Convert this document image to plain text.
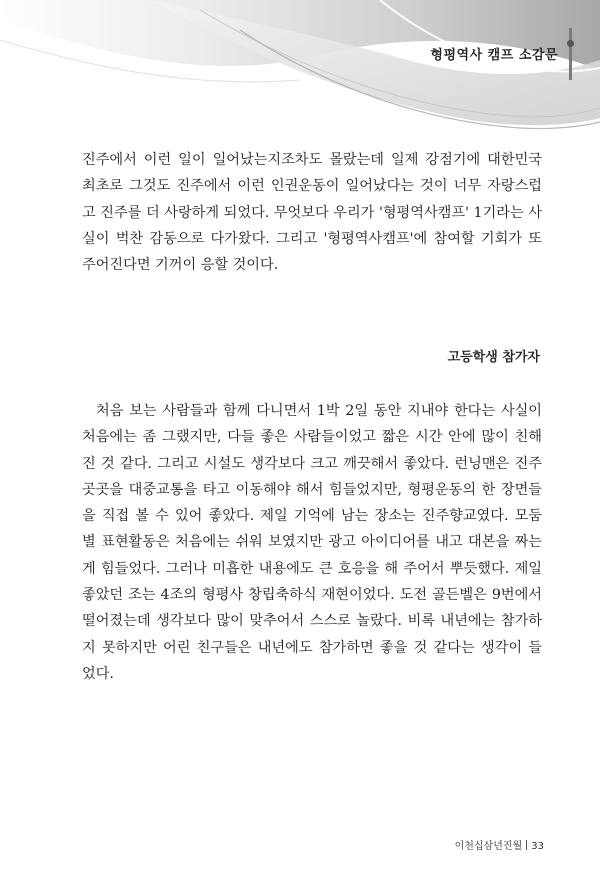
형평역사 캠프 소감문
진주에서 이런 일이 일어났는지조차도 몰랐는데 일제 강점기에 대한민국
최초로 그것도 진주에서 이런 인권운동이 일어났다는 것이 너무 자랑스럽
고 진주를 더 사랑하게 되었다. 무엇보다 우리가 '형평역사캠프' 1기라는 사
실이 벅찬 감동으로 다가왔다. 그리고 '형평역사캠프'에 참여할 기회가 또
주어진다면 기꺼이 응할 것이다.
고등학생 참가자
처음 보는 사람들과 함께 다니면서 1박 2일 동안 지내야 한다는 사실이
처음에는 좀 그랬지만, 다들 좋은 사람들이었고 짧은 시간 안에 많이 친해
진 것 같다. 그리고 시설도 생각보다 크고 깨끗해서 좋았다. 런닝맨은 진주
곳곳을 대중교통을 타고 이동해야 해서 힘들었지만, 형평운동의 한 장면들
을 직접 볼 수 있어 좋았다. 제일 기억에 남는 장소는 진주향교였다. 모둠
별 표현활동은 처음에는 쉬워 보였지만 광고 아이디어를 내고 대본을 짜는
게 힘들었다. 그러나 미흡한 내용에도 큰 호응을 해 주어서 뿌듯했다. 제일
좋았던 조는 4조의 형평사 창립축하식 재현이었다. 도전 골든벨은 9번에서
떨어졌는데 생각보다 많이 맞추어서 스스로 놀랐다. 비록 내년에는 참가하
지 못하지만 어린 친구들은 내년에도 참가하면 좋을 것 같다는 생각이 들
었다.
이천십삼년진월 33
